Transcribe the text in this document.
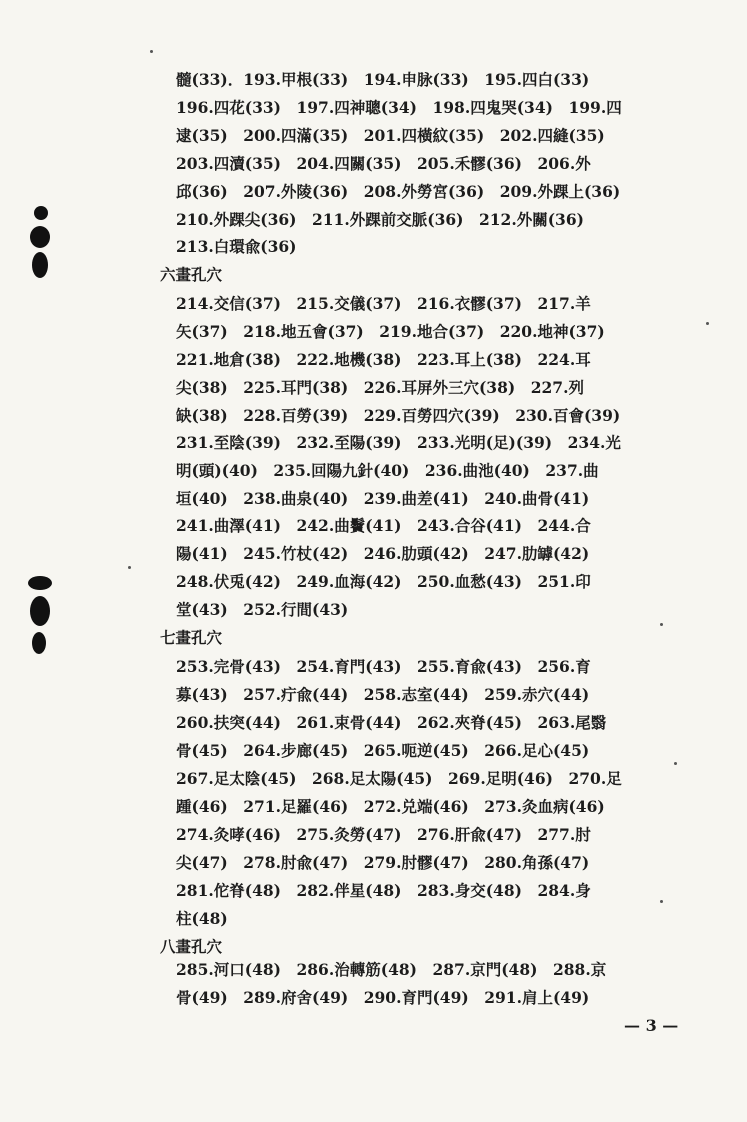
髓(33)．193.甲根(33)　194.申脉(33)　195.四白(33)
196.四花(33)　197.四神聰(34)　198.四鬼哭(34)　199.四
逮(35)　200.四滿(35)　201.四橫紋(35)　202.四縫(35)
203.四瀆(35)　204.四關(35)　205.禾髎(36)　206.外
邱(36)　207.外陵(36)　208.外勞宮(36)　209.外踝上(36)
210.外踝尖(36)　211.外踝前交脈(36)　212.外關(36)
213.白環兪(36)
六畫孔穴
214.交信(37)　215.交儀(37)　216.衣髎(37)　217.羊
矢(37)　218.地五會(37)　219.地合(37)　220.地神(37)
221.地倉(38)　222.地機(38)　223.耳上(38)　224.耳
尖(38)　225.耳門(38)　226.耳屏外三穴(38)　227.列
缺(38)　228.百勞(39)　229.百勞四穴(39)　230.百會(39)
231.至陰(39)　232.至陽(39)　233.光明(足)(39)　234.光
明(頭)(40)　235.回陽九針(40)　236.曲池(40)　237.曲
垣(40)　238.曲泉(40)　239.曲差(41)　240.曲骨(41)
241.曲澤(41)　242.曲鬢(41)　243.合谷(41)　244.合
陽(41)　245.竹杖(42)　246.肋頭(42)　247.肋罅(42)
248.伏兎(42)　249.血海(42)　250.血愁(43)　251.印
堂(43)　252.行間(43)
七畫孔穴
253.完骨(43)　254.育門(43)　255.育兪(43)　256.育
募(43)　257.疔兪(44)　258.志室(44)　259.赤穴(44)
260.扶突(44)　261.束骨(44)　262.夾脊(45)　263.尾翳
骨(45)　264.步廊(45)　265.呃逆(45)　266.足心(45)
267.足太陰(45)　268.足太陽(45)　269.足明(46)　270.足
踵(46)　271.足羅(46)　272.兑端(46)　273.灸血病(46)
274.灸哮(46)　275.灸勞(47)　276.肝兪(47)　277.肘
尖(47)　278.肘兪(47)　279.肘髎(47)　280.角孫(47)
281.佗脊(48)　282.伴星(48)　283.身交(48)　284.身
柱(48)
八畫孔穴
285.河口(48)　286.治轉筋(48)　287.京門(48)　288.京
骨(49)　289.府舍(49)　290.育門(49)　291.肩上(49)
— 3 —
